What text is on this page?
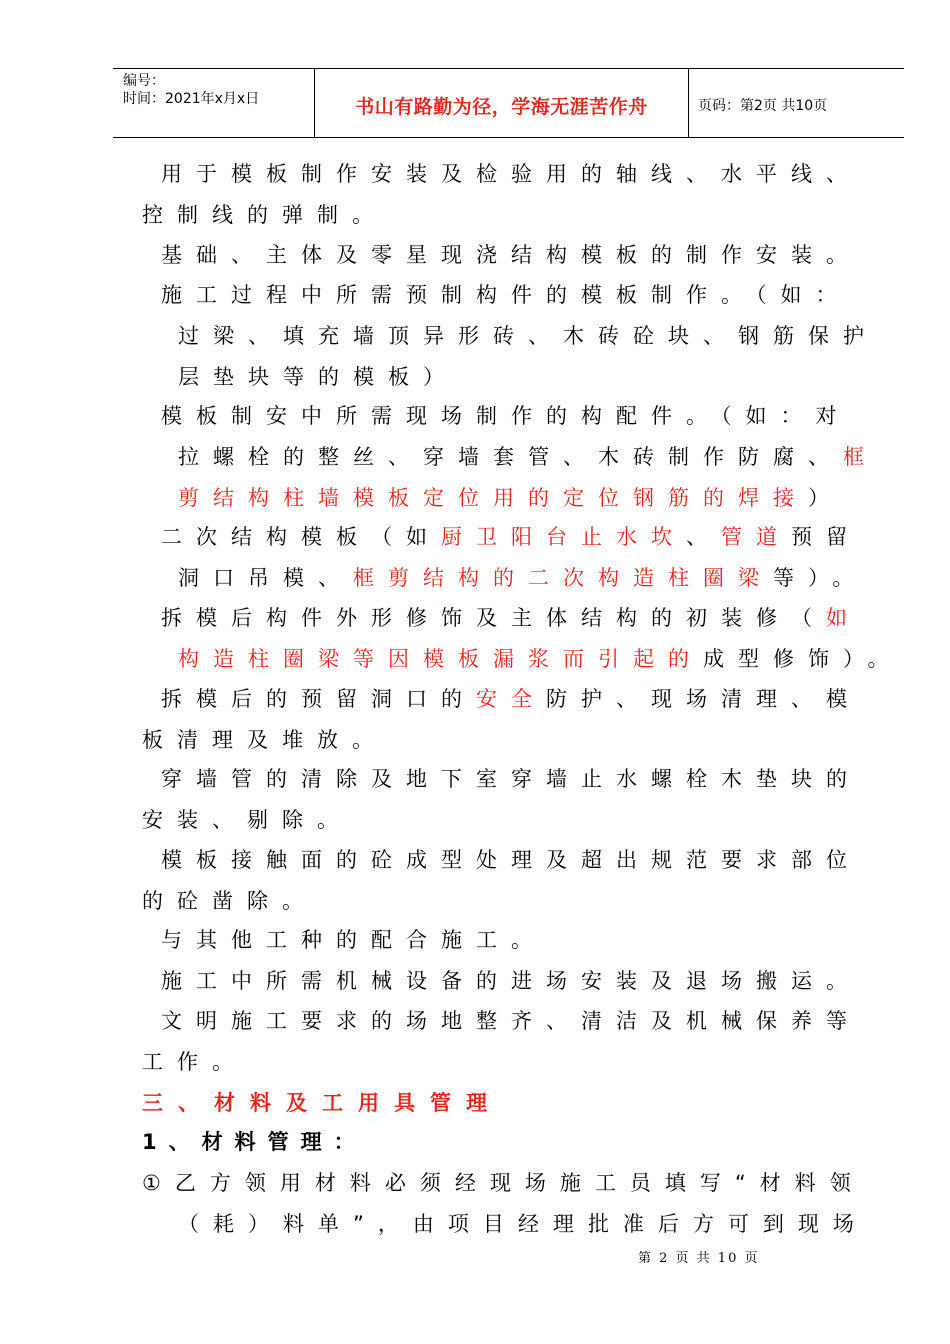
编号：
时间：2021年x月x日	书山有路勤为径，学海无涯苦作舟	页码：第2页 共10页
用于模板制作安装及检验用的轴线、水平线、
控制线的弹制。
基础、主体及零星现浇结构模板的制作安装。
施工过程中所需预制构件的模板制作。（如：
过梁、填充墙顶异形砖、木砖砼块、钢筋保护
层垫块等的模板）
模板制安中所需现场制作的构配件。（如：对
拉螺栓的整丝、穿墙套管、木砖制作防腐、框
剪结构柱墙模板定位用的定位钢筋的焊接）
二次结构模板（如厨卫阳台止水坎、管道预留
洞口吊模、框剪结构的二次构造柱圈梁等）。
拆模后构件外形修饰及主体结构的初装修（如
构造柱圈梁等因模板漏浆而引起的成型修饰）。
拆模后的预留洞口的安全防护、现场清理、模
板清理及堆放。
穿墙管的清除及地下室穿墙止水螺栓木垫块的
安装、剔除。
模板接触面的砼成型处理及超出规范要求部位
的砼凿除。
与其他工种的配合施工。
施工中所需机械设备的进场安装及退场搬运。
文明施工要求的场地整齐、清洁及机械保养等
工作。
三、材料及工用具管理
1、材料管理：
①乙方领用材料必须经现场施工员填写“材料领
（耗）料单”，由项目经理批准后方可到现场
第 2 页 共 10 页
